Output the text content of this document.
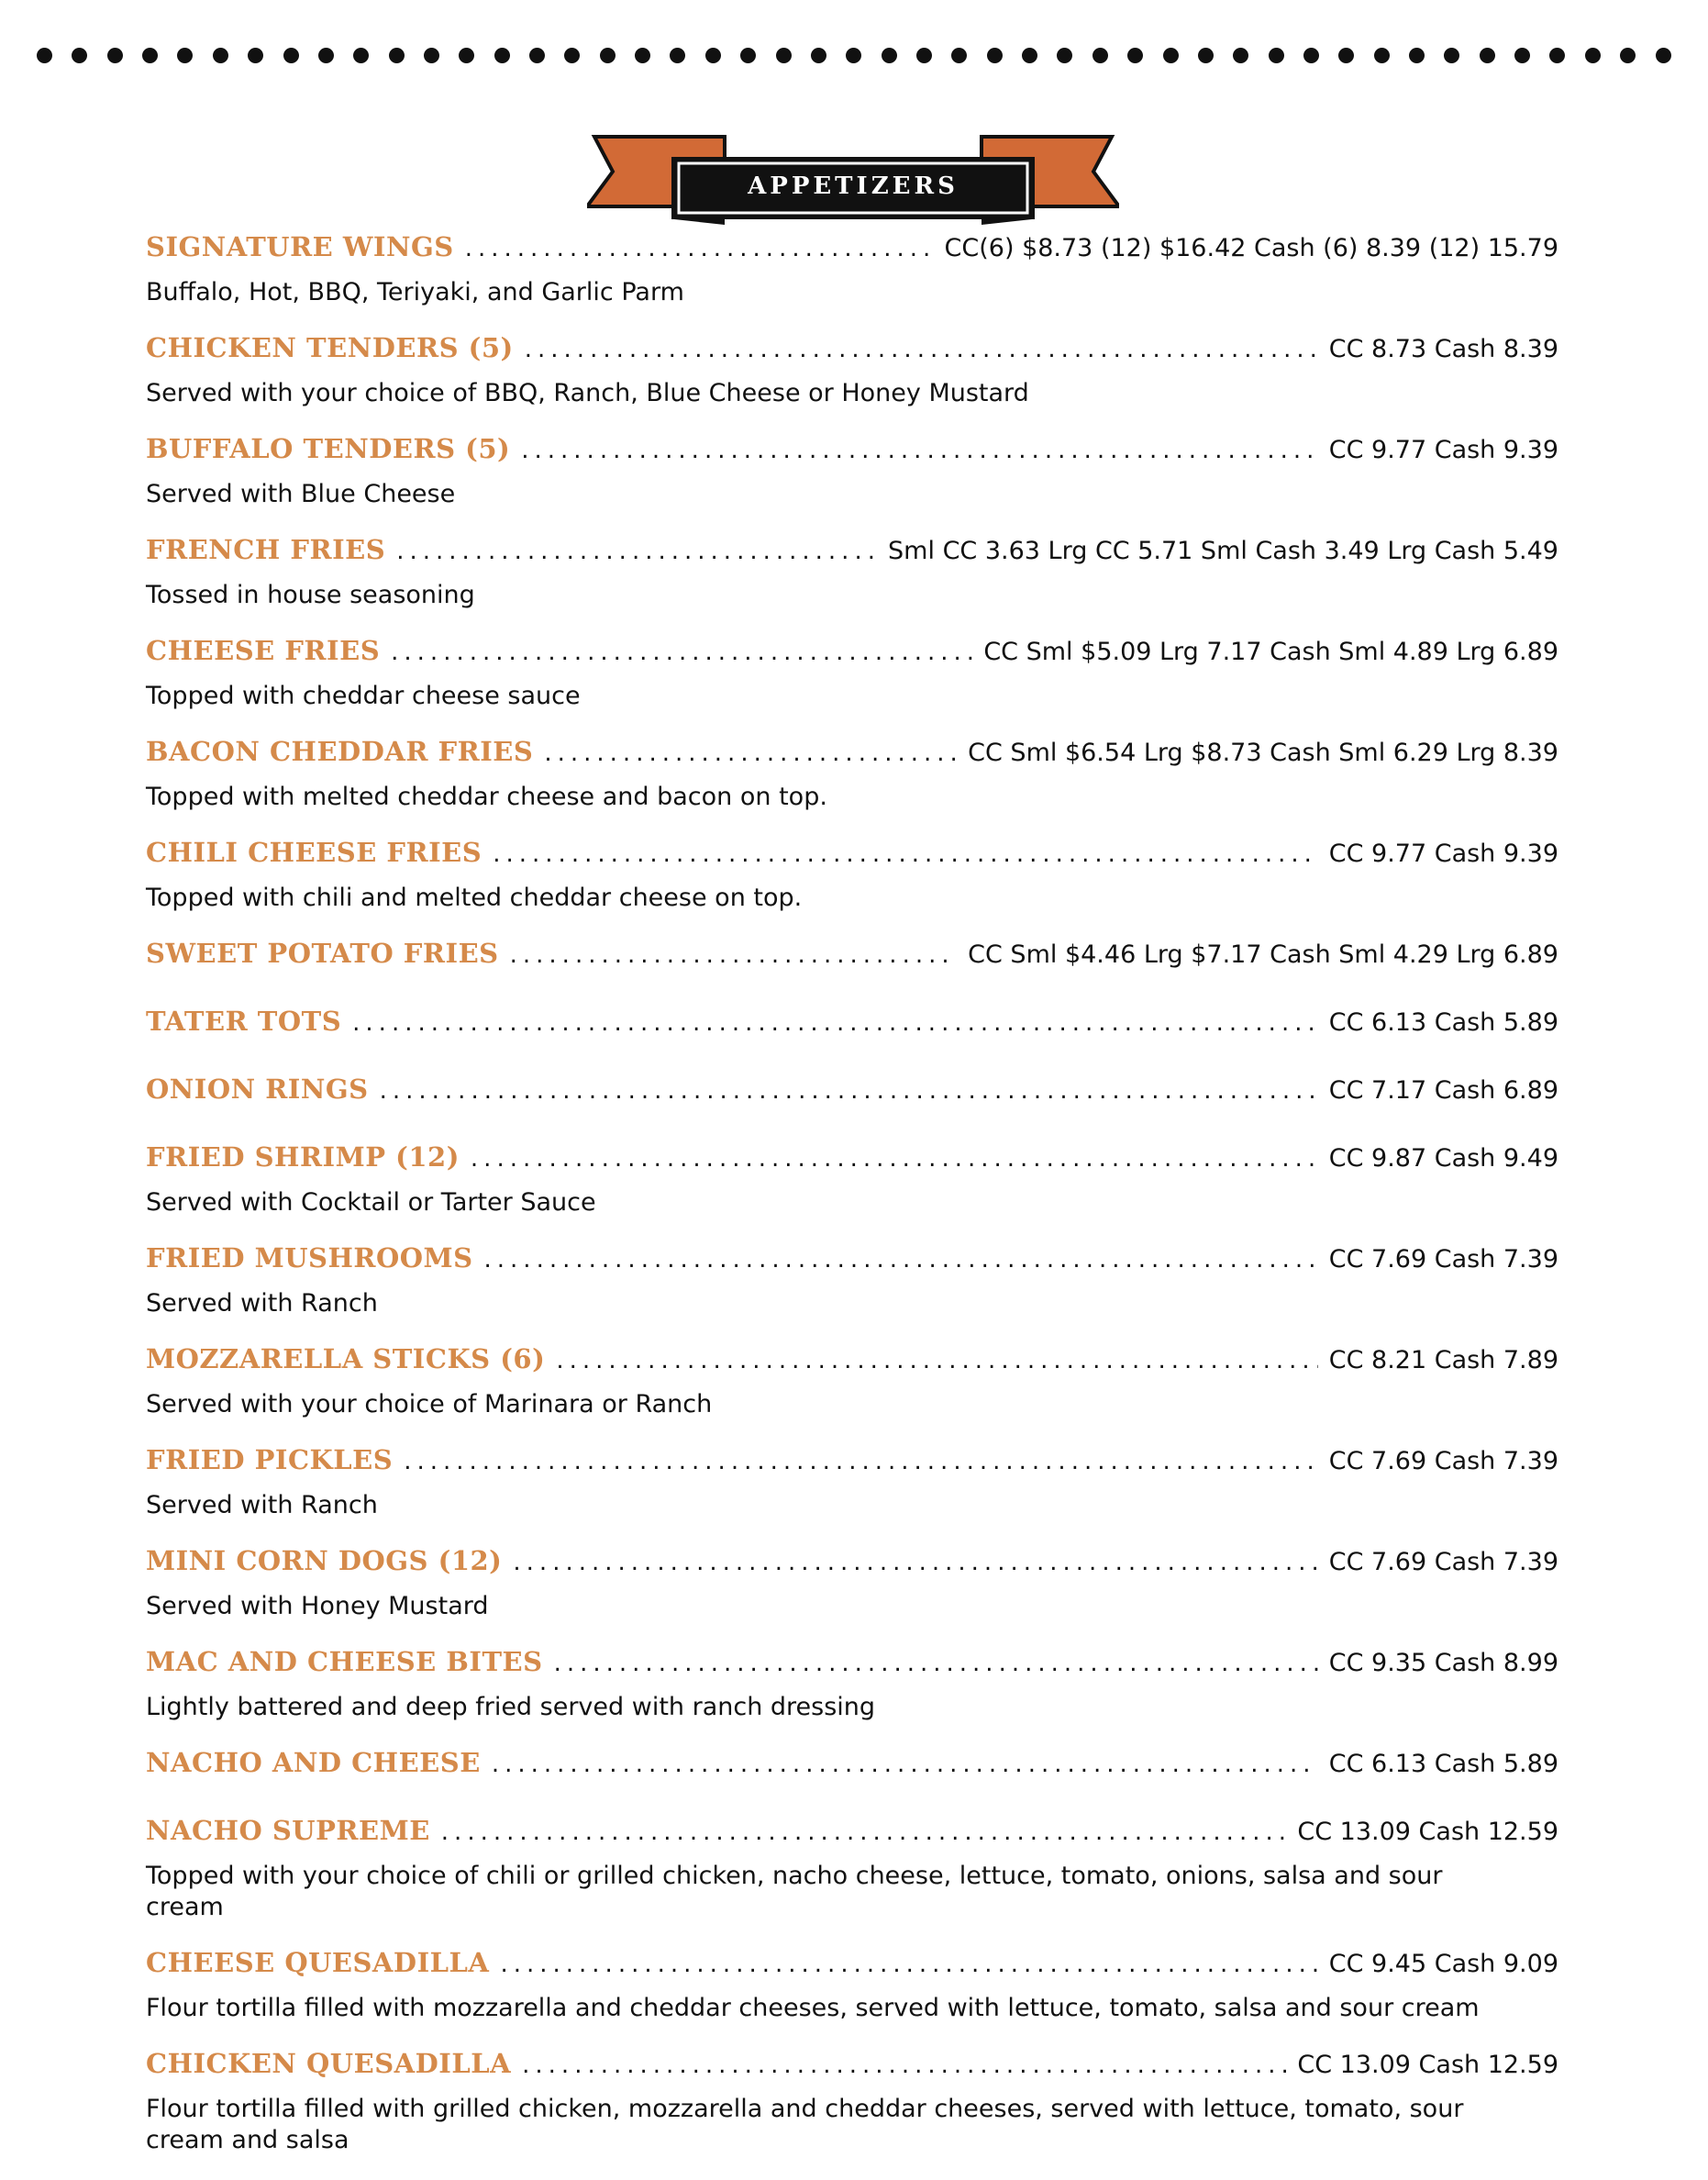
APPETIZERS
SIGNATURE WINGS .....	CC(6) $8.73 (12) $16.42 Cash (6) 8.39 (12) 15.79
Buffalo, Hot, BBQ, Teriyaki, and Garlic Parm
CHICKEN TENDERS (5) .....	CC 8.73 Cash 8.39
Served with your choice of BBQ, Ranch, Blue Cheese or Honey Mustard
BUFFALO TENDERS (5) .....	CC 9.77 Cash 9.39
Served with Blue Cheese
FRENCH FRIES .....	Sml CC 3.63 Lrg CC 5.71 Sml Cash 3.49 Lrg Cash 5.49
Tossed in house seasoning
CHEESE FRIES .....	CC Sml $5.09 Lrg 7.17 Cash Sml 4.89 Lrg 6.89
Topped with cheddar cheese sauce
BACON CHEDDAR FRIES .....	CC Sml $6.54 Lrg $8.73 Cash Sml 6.29 Lrg 8.39
Topped with melted cheddar cheese and bacon on top.
CHILI CHEESE FRIES .....	CC 9.77 Cash 9.39
Topped with chili and melted cheddar cheese on top.
SWEET POTATO FRIES .....	CC Sml $4.46 Lrg $7.17 Cash Sml 4.29 Lrg 6.89
TATER TOTS .....	CC 6.13 Cash 5.89
ONION RINGS .....	CC 7.17 Cash 6.89
FRIED SHRIMP (12) .....	CC 9.87 Cash 9.49
Served with Cocktail or Tarter Sauce
FRIED MUSHROOMS .....	CC 7.69 Cash 7.39
Served with Ranch
MOZZARELLA STICKS (6) .....	CC 8.21 Cash 7.89
Served with your choice of Marinara or Ranch
FRIED PICKLES .....	CC 7.69 Cash 7.39
Served with Ranch
MINI CORN DOGS (12) .....	CC 7.69 Cash 7.39
Served with Honey Mustard
MAC AND CHEESE BITES .....	CC 9.35 Cash 8.99
Lightly battered and deep fried served with ranch dressing
NACHO AND CHEESE .....	CC 6.13 Cash 5.89
NACHO SUPREME .....	CC 13.09 Cash 12.59
Topped with your choice of chili or grilled chicken, nacho cheese, lettuce, tomato, onions, salsa and sour cream
CHEESE QUESADILLA .....	CC 9.45 Cash 9.09
Flour tortilla filled with mozzarella and cheddar cheeses, served with lettuce, tomato, salsa and sour cream
CHICKEN QUESADILLA .....	CC 13.09 Cash 12.59
Flour tortilla filled with grilled chicken, mozzarella and cheddar cheeses, served with lettuce, tomato, sour cream and salsa
